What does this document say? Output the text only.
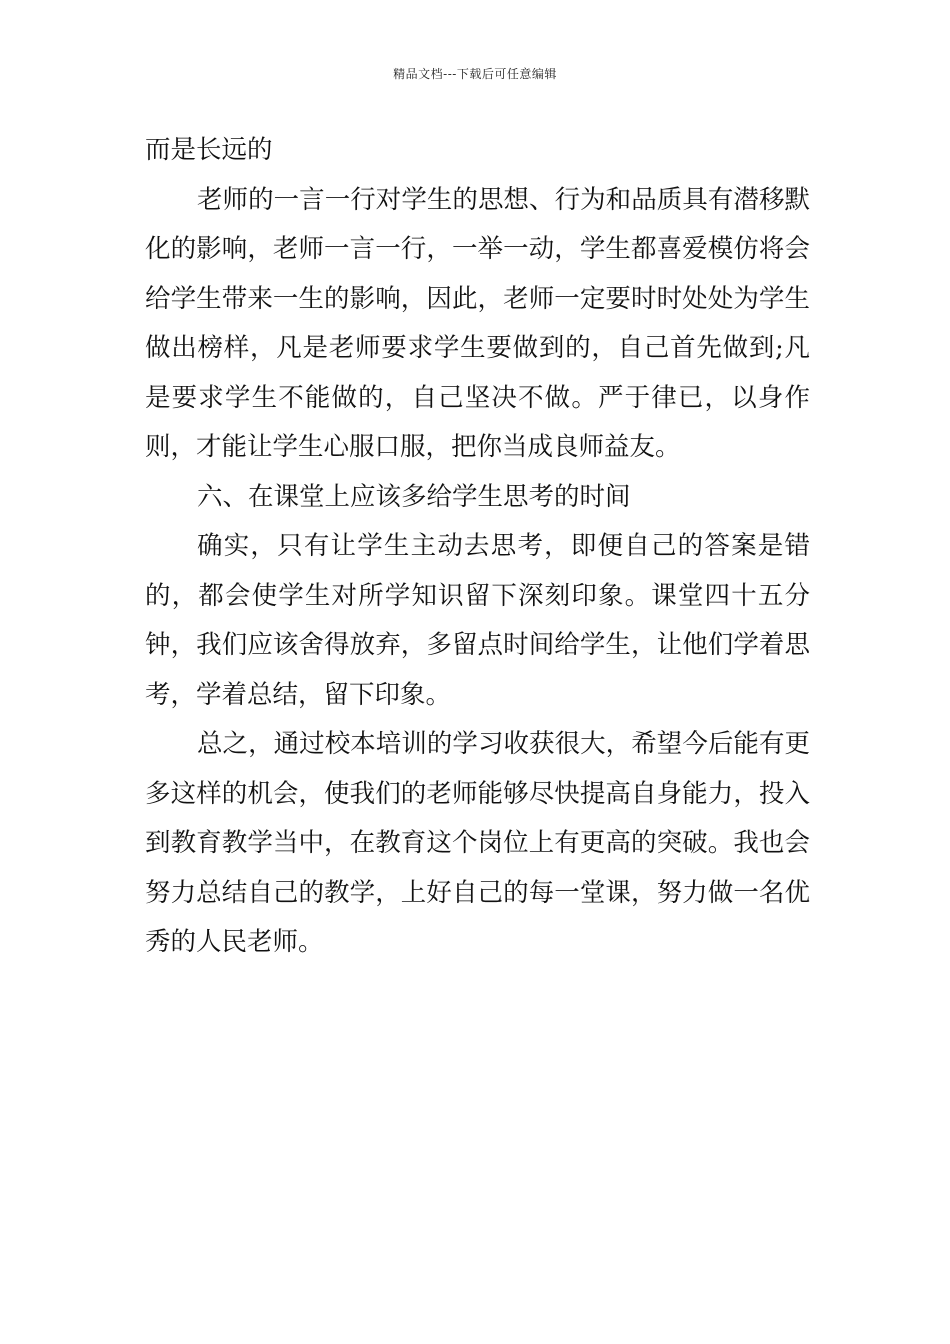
精品文档---下载后可任意编辑

而是长远的

老师的一言一行对学生的思想、行为和品质具有潜移默化的影响，老师一言一行，一举一动，学生都喜爱模仿将会给学生带来一生的影响，因此，老师一定要时时处处为学生做出榜样，凡是老师要求学生要做到的，自己首先做到;凡是要求学生不能做的，自己坚决不做。严于律已，以身作则，才能让学生心服口服，把你当成良师益友。

六、在课堂上应该多给学生思考的时间

确实，只有让学生主动去思考，即便自己的答案是错的，都会使学生对所学知识留下深刻印象。课堂四十五分钟，我们应该舍得放弃，多留点时间给学生，让他们学着思考，学着总结，留下印象。

总之，通过校本培训的学习收获很大，希望今后能有更多这样的机会，使我们的老师能够尽快提高自身能力，投入到教育教学当中，在教育这个岗位上有更高的突破。我也会努力总结自己的教学，上好自己的每一堂课，努力做一名优秀的人民老师。
